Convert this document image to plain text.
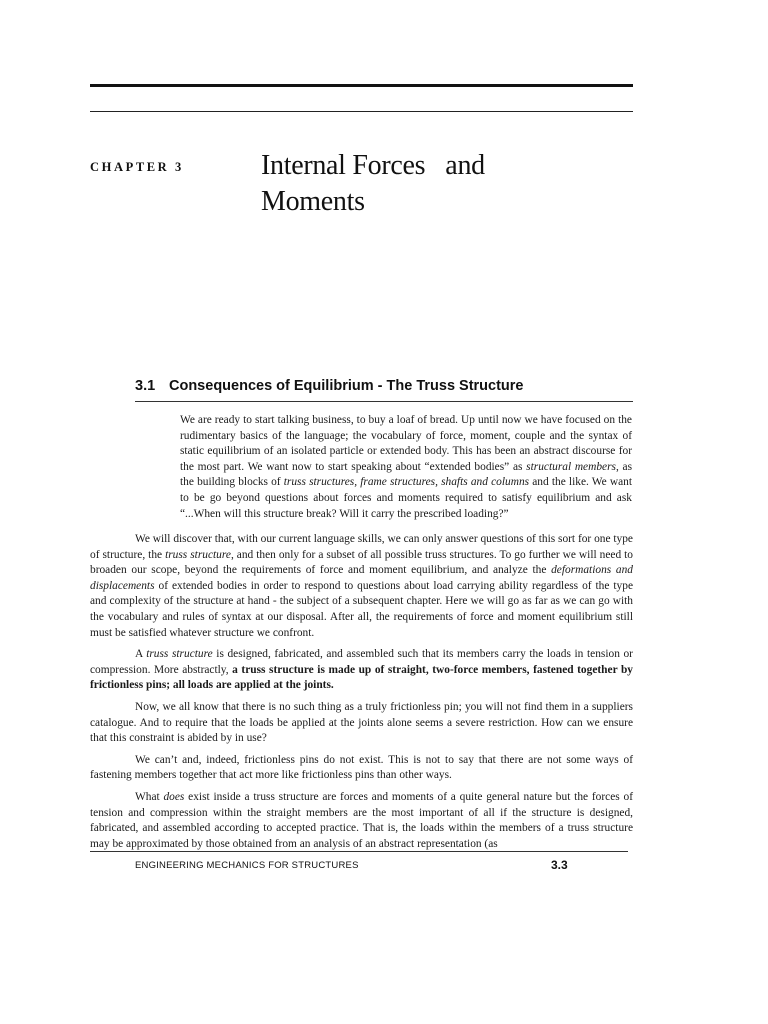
CHAPTER 3	Internal Forces   and
Moments
3.1 Consequences of Equilibrium - The Truss Structure

We are ready to start talking business, to buy a loaf of bread. Up until now we have focused on the rudimentary basics of the language; the vocabulary of force, moment, couple and the syntax of static equilibrium of an isolated particle or extended body. This has been an abstract discourse for the most part. We want now to start speaking about “extended bodies” as structural members, as the building blocks of truss structures, frame structures, shafts and columns and the like. We want to be go beyond questions about forces and moments required to satisfy equilibrium and ask “...When will this structure break? Will it carry the prescribed loading?”

We will discover that, with our current language skills, we can only answer questions of this sort for one type of structure, the truss structure, and then only for a subset of all possible truss structures. To go further we will need to broaden our scope, beyond the requirements of force and moment equilibrium, and analyze the deformations and displacements of extended bodies in order to respond to questions about load carrying ability regardless of the type and complexity of the structure at hand - the subject of a subsequent chapter. Here we will go as far as we can go with the vocabulary and rules of syntax at our disposal. After all, the requirements of force and moment equilibrium still must be satisfied whatever structure we confront.

A truss structure is designed, fabricated, and assembled such that its members carry the loads in tension or compression. More abstractly, a truss structure is made up of straight, two-force members, fastened together by frictionless pins; all loads are applied at the joints.

Now, we all know that there is no such thing as a truly frictionless pin; you will not find them in a suppliers catalogue. And to require that the loads be applied at the joints alone seems a severe restriction. How can we ensure that this constraint is abided by in use?

We can’t and, indeed, frictionless pins do not exist. This is not to say that there are not some ways of fastening members together that act more like frictionless pins than other ways.

What does exist inside a truss structure are forces and moments of a quite general nature but the forces of tension and compression within the straight members are the most important of all if the structure is designed, fabricated, and assembled according to accepted practice. That is, the loads within the members of a truss structure may be approximated by those obtained from an analysis of an abstract representation (as

ENGINEERING MECHANICS FOR STRUCTURES	3.3
